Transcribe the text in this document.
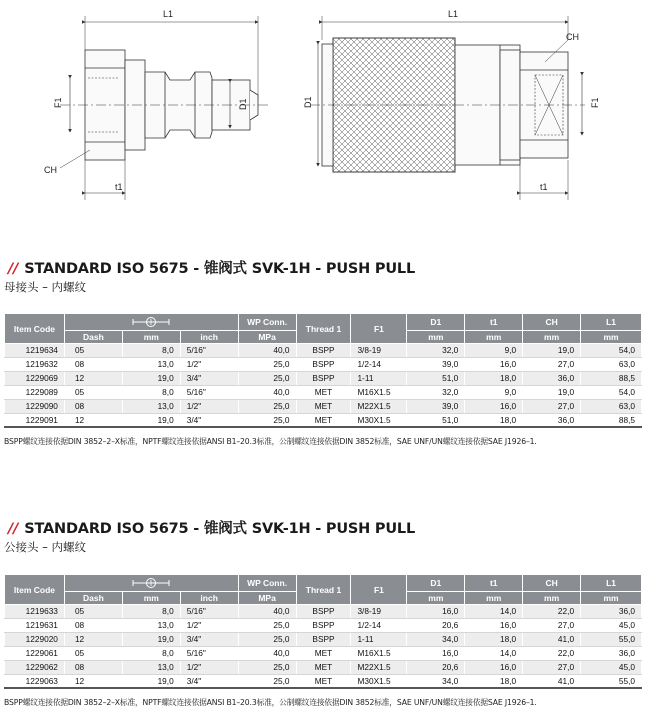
L1
F1	D1
CH
t1
L1
D1	F1
CH
t1
// STANDARD ISO 5675 - 锥阀式 SVK-1H - PUSH PULL
母接头 – 内螺纹
Item Code				WP Conn.	Thread 1	F1	D1	t1	CH	L1
	Dash	mm	inch	MPa			mm	mm	mm	mm
1219634	05	8,0	5/16"	40,0	BSPP	3/8-19	32,0	9,0	19,0	54,0
1219632	08	13,0	1/2"	25,0	BSPP	1/2-14	39,0	16,0	27,0	63,0
1229069	12	19,0	3/4"	25,0	BSPP	1-11	51,0	18,0	36,0	88,5
1229089	05	8,0	5/16"	40,0	MET	M16X1.5	32,0	9,0	19,0	54,0
1229090	08	13,0	1/2"	25,0	MET	M22X1.5	39,0	16,0	27,0	63,0
1229091	12	19,0	3/4"	25,0	MET	M30X1.5	51,0	18,0	36,0	88,5
BSPP螺纹连接依据DIN 3852–2–X标准，NPTF螺纹连接依据ANSI B1–20.3标准，公制螺纹连接依据DIN 3852标准，SAE UNF/UN螺纹连接依据SAE J1926–1.
// STANDARD ISO 5675 - 锥阀式 SVK-1H - PUSH PULL
公接头 – 内螺纹
Item Code				WP Conn.	Thread 1	F1	D1	t1	CH	L1
	Dash	mm	inch	MPa			mm	mm	mm	mm
1219633	05	8,0	5/16"	40,0	BSPP	3/8-19	16,0	14,0	22,0	36,0
1219631	08	13,0	1/2"	25,0	BSPP	1/2-14	20,6	16,0	27,0	45,0
1229020	12	19,0	3/4"	25,0	BSPP	1-11	34,0	18,0	41,0	55,0
1229061	05	8,0	5/16"	40,0	MET	M16X1.5	16,0	14,0	22,0	36,0
1229062	08	13,0	1/2"	25,0	MET	M22X1.5	20,6	16,0	27,0	45,0
1229063	12	19,0	3/4"	25,0	MET	M30X1.5	34,0	18,0	41,0	55,0
BSPP螺纹连接依据DIN 3852–2–X标准，NPTF螺纹连接依据ANSI B1–20.3标准，公制螺纹连接依据DIN 3852标准，SAE UNF/UN螺纹连接依据SAE J1926–1.
